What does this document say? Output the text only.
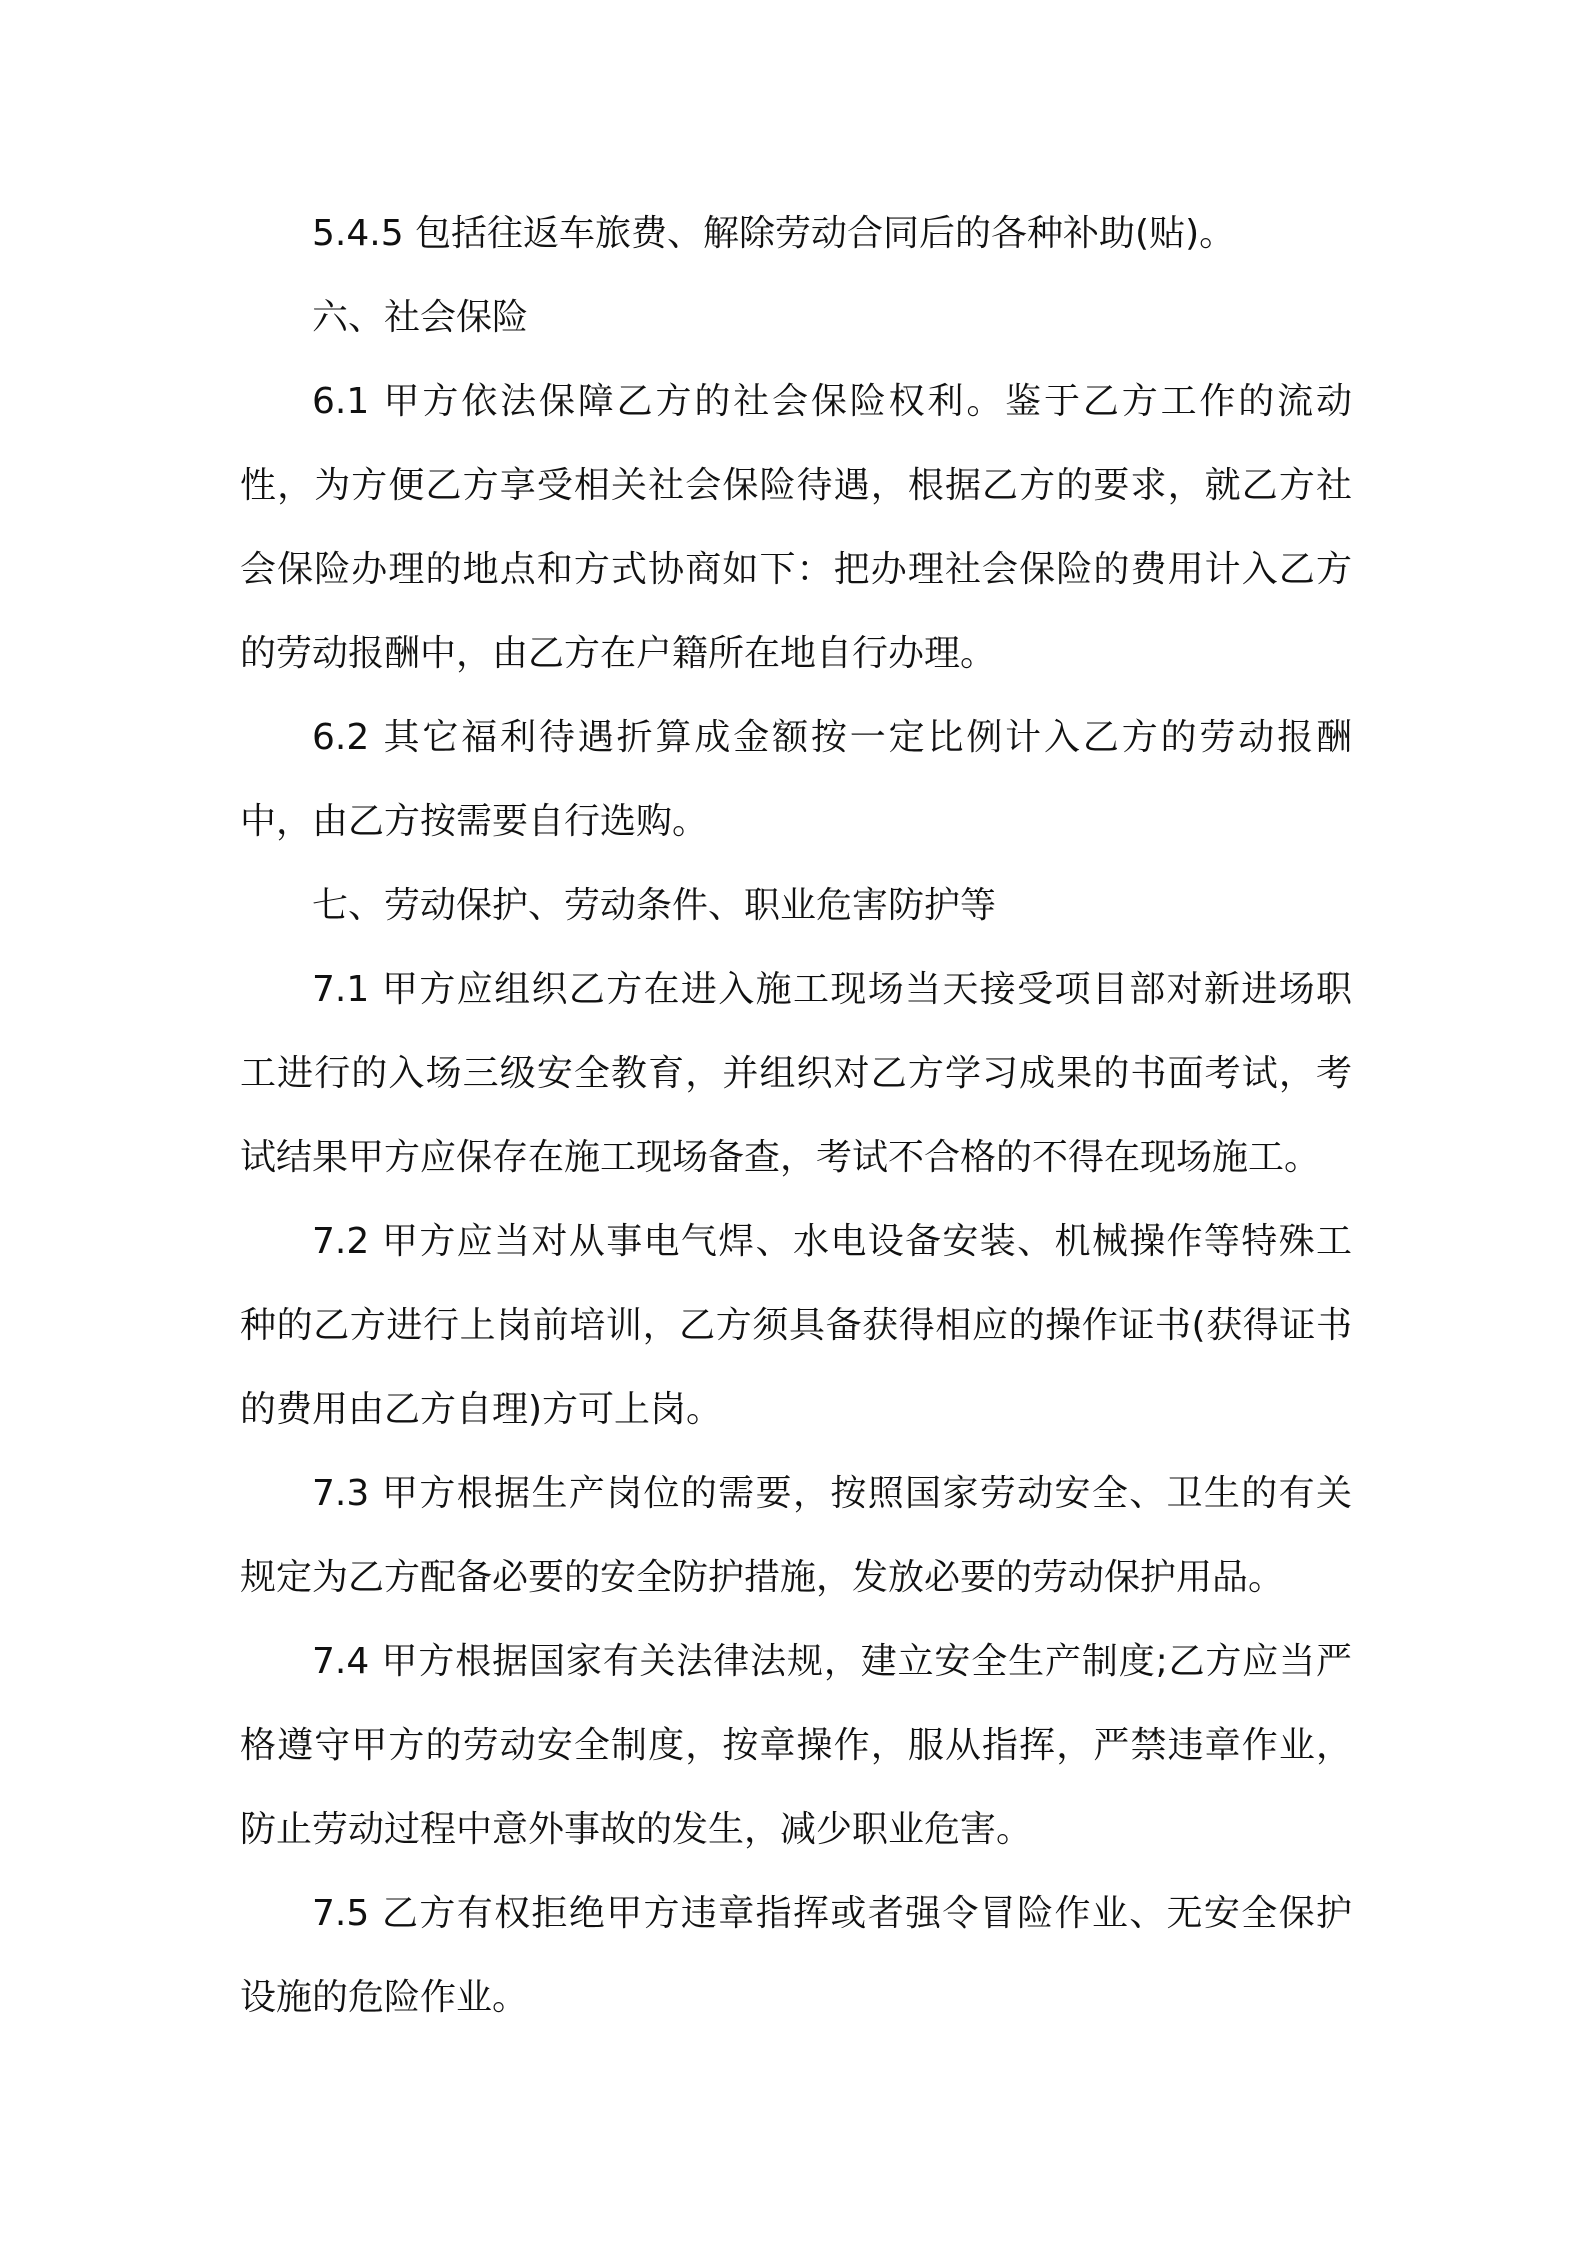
5.4.5 包括往返车旅费、解除劳动合同后的各种补助(贴)。

六、社会保险

6.1 甲方依法保障乙方的社会保险权利。鉴于乙方工作的流动性，为方便乙方享受相关社会保险待遇，根据乙方的要求，就乙方社会保险办理的地点和方式协商如下：把办理社会保险的费用计入乙方的劳动报酬中，由乙方在户籍所在地自行办理。

6.2 其它福利待遇折算成金额按一定比例计入乙方的劳动报酬中，由乙方按需要自行选购。

七、劳动保护、劳动条件、职业危害防护等

7.1 甲方应组织乙方在进入施工现场当天接受项目部对新进场职工进行的入场三级安全教育，并组织对乙方学习成果的书面考试，考试结果甲方应保存在施工现场备查，考试不合格的不得在现场施工。

7.2 甲方应当对从事电气焊、水电设备安装、机械操作等特殊工种的乙方进行上岗前培训，乙方须具备获得相应的操作证书(获得证书的费用由乙方自理)方可上岗。

7.3 甲方根据生产岗位的需要，按照国家劳动安全、卫生的有关规定为乙方配备必要的安全防护措施，发放必要的劳动保护用品。

7.4 甲方根据国家有关法律法规，建立安全生产制度;乙方应当严格遵守甲方的劳动安全制度，按章操作，服从指挥，严禁违章作业，防止劳动过程中意外事故的发生，减少职业危害。

7.5 乙方有权拒绝甲方违章指挥或者强令冒险作业、无安全保护设施的危险作业。
